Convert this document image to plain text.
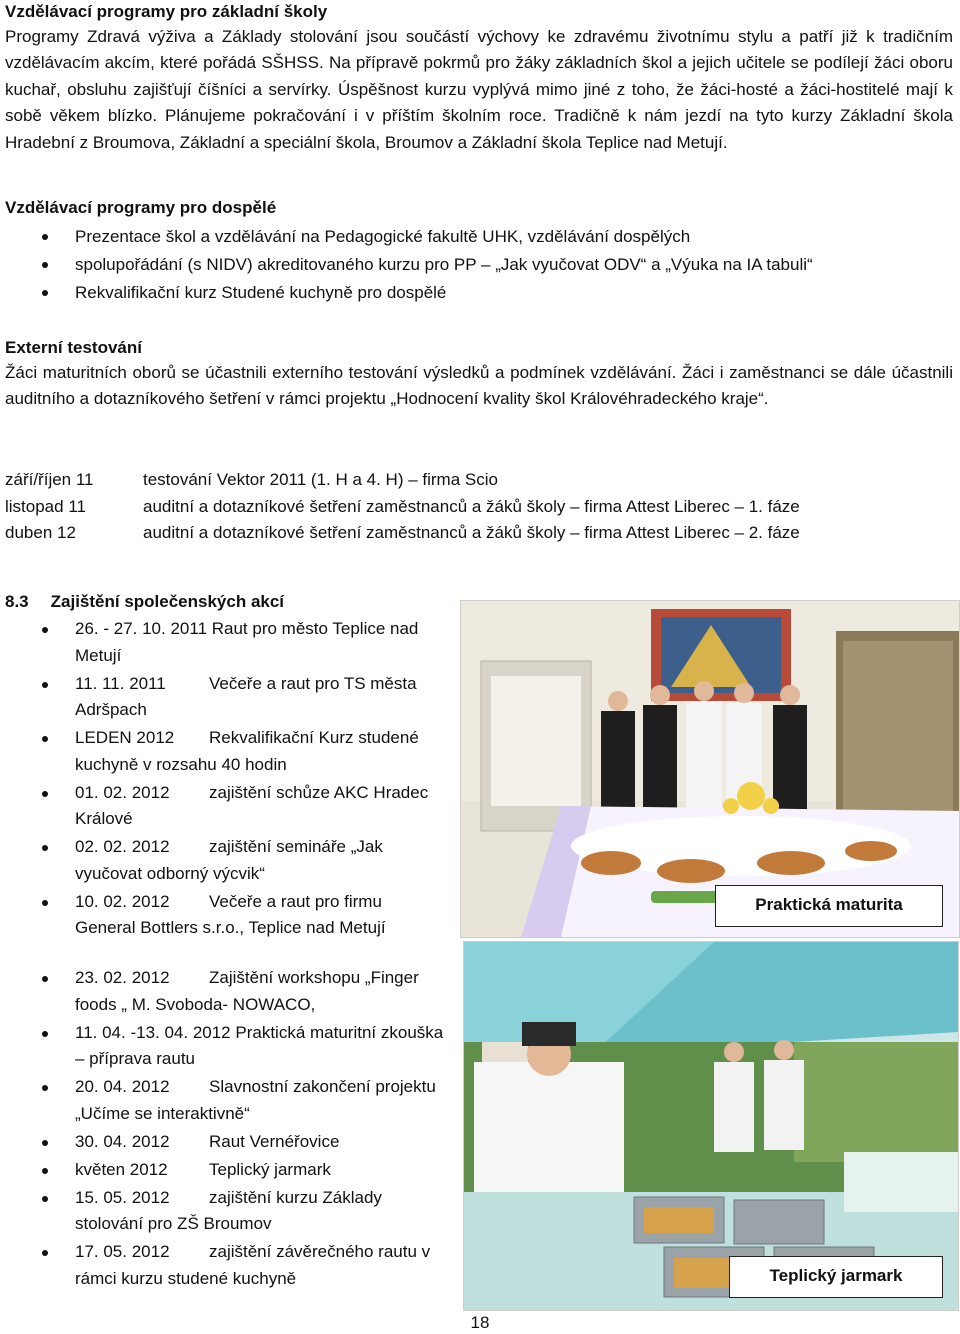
Vzdělávací programy pro základní školy

Programy Zdravá výživa a Základy stolování jsou součástí výchovy ke zdravému životnímu stylu a patří již k tradičním vzdělávacím akcím, které pořádá SŠHSS. Na přípravě pokrmů pro žáky základních škol a jejich učitele se podílejí žáci oboru kuchař, obsluhu zajišťují číšníci a servírky. Úspěšnost kurzu vyplývá mimo jiné z toho, že žáci-hosté a žáci-hostitelé mají k sobě věkem blízko. Plánujeme pokračování i v příštím školním roce. Tradičně k nám jezdí na tyto kurzy Základní škola Hradební z Broumova, Základní a speciální škola, Broumov a Základní škola Teplice nad Metují.

Vzdělávací programy pro dospělé
Prezentace škol a vzdělávání na Pedagogické fakultě UHK, vzdělávání dospělých
spolupořádání (s NIDV) akreditovaného kurzu pro PP – „Jak vyučovat ODV“ a „Výuka na IA tabuli“
Rekvalifikační kurz Studené kuchyně pro dospělé
Externí testování

Žáci maturitních oborů se účastnili externího testování výsledků a podmínek vzdělávání. Žáci i zaměstnanci se dále účastnili auditního a dotazníkového šetření v rámci projektu „Hodnocení kvality škol Královéhradeckého kraje“.

září/říjen 11	testování Vektor 2011 (1. H a 4. H) – firma Scio
listopad 11	auditní a dotazníkové šetření zaměstnanců a žáků školy – firma Attest Liberec – 1. fáze
duben 12	auditní a dotazníkové šetření zaměstnanců a žáků školy – firma Attest Liberec – 2. fáze
8.3 Zajištění společenských akcí
26. - 27. 10. 2011 Raut pro město Teplice nad Metují
11. 11. 2011	Večeře a raut pro TS města Adršpach
LEDEN 2012 Rekvalifikační Kurz studené kuchyně v rozsahu 40 hodin
01. 02. 2012 zajištění schůze AKC Hradec Králové
02. 02. 2012 zajištění semináře „Jak vyučovat odborný výcvik“
10. 02. 2012 Večeře a raut pro firmu General Bottlers s.r.o., Teplice nad Metují
23. 02. 2012 Zajištění workshopu „Finger foods „ M. Svoboda- NOWACO,
11. 04. -13. 04. 2012 Praktická maturitní zkouška – příprava rautu
20. 04. 2012 Slavnostní zakončení projektu „Učíme se interaktivně“
30. 04. 2012 Raut Vernéřovice
květen 2012 Teplický jarmark
15. 05. 2012 zajištění kurzu Základy stolování pro ZŠ Broumov
17. 05. 2012 zajištění závěrečného rautu v rámci kurzu studené kuchyně
Praktická maturita
Teplický jarmark
18
